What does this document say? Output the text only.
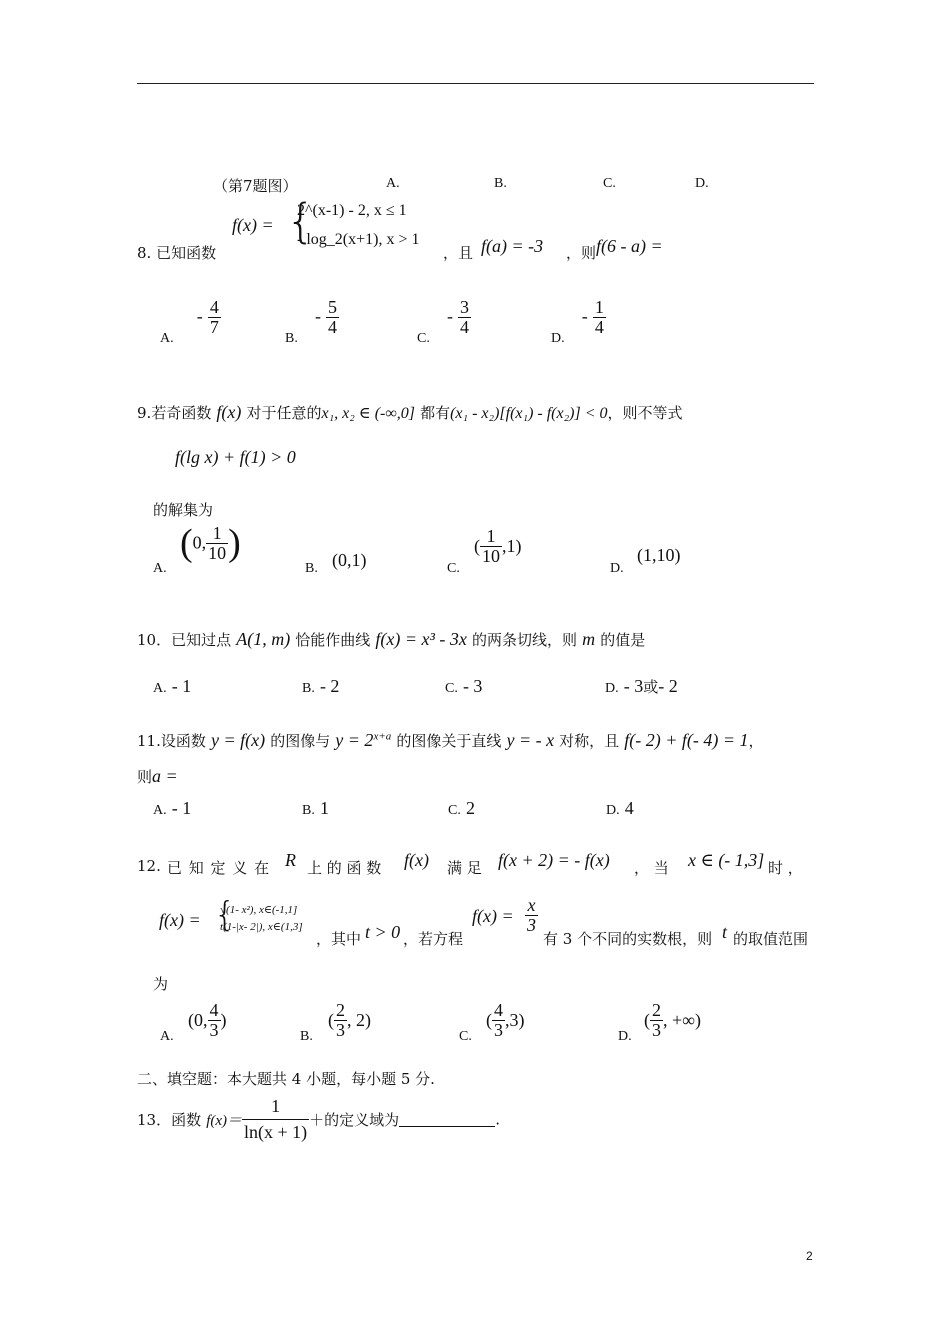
（第7题图）	A.	B.	C.	D.
8. 已知函数
f(x) = {
2^(x-1) - 2, x ≤ 1
- log_2(x+1), x > 1
，且 f(a) = -3 ，则 f(6 - a) =
A. - $\frac{4}{7}$
B. - $\frac{5}{4}$
C. - $\frac{3}{4}$
D. - $\frac{1}{4}$
9.若奇函数 f(x) 对于任意的x₁, x₂ ∈ (-∞,0] 都有(x₁ - x₂)[f(x₁) - f(x₂)] < 0，则不等式
f(lg x) + f(1) > 0
的解集为
A.
(0, $\frac{1}{10}$ )
B. (0,1)	C.
( $\frac{1}{10} ,1$)
D.
(1,10)
10．已知过点 A(1, m) 恰能作曲线 f(x) = x³ - 3x 的两条切线，则 m 的值是
A. - 1	B. - 2	C. - 3	D. - 3或- 2
11.设函数 y = f(x) 的图像与 $y = 2^{x+a}$ 的图像关于直线 y = - x 对称，且 f(- 2) + f(- 4) = 1，
则a =
A. - 1	B. 1	C. 2	D. 4
12. 已 知 定 义 在 R 上 的 函 数 f(x) 满 足 f(x + 2) = - f(x) ， 当 x ∈ (- 1,3] 时 ，
f(x) = {
√(1- x²), x∈(-1,1]
t(1-|x- 2|), x∈(1,3]
，其中 t > 0 ，若方程
$f(x) = \frac{x}{3}$
有 3 个不同的实数根，则 t 的取值范围
为
A.
(0, $\frac{4}{3}$ )
B.
( $\frac{2}{3}$ , 2)
C.
( $\frac{4}{3} ,3$)
D.
( $\frac{2}{3}$ , +∞)
二、填空题：本大题共 4 小题，每小题 5 分.
13．函数 $f(x)= \frac{1}{\ln(x + 1)}$ ＋的定义域为	.
2
